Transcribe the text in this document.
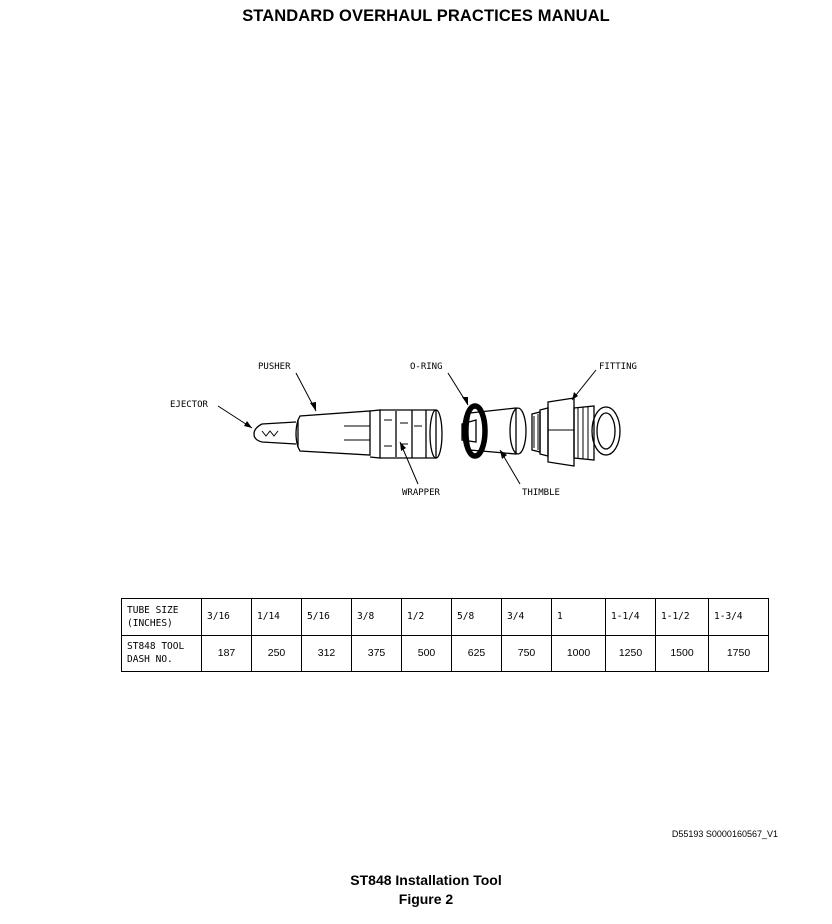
STANDARD OVERHAUL PRACTICES MANUAL
PUSHER	O-RING	FITTING
EJECTOR
WRAPPER	THIMBLE
TUBE SIZE
(INCHES)	3/16	1/14	5/16	3/8	1/2	5/8	3/4	1	1-1/4	1-1/2	1-3/4
ST848 TOOL
DASH NO.	187	250	312	375	500	625	750	1000	1250	1500	1750
D55193 S0000160567_V1
ST848 Installation Tool
Figure 2
